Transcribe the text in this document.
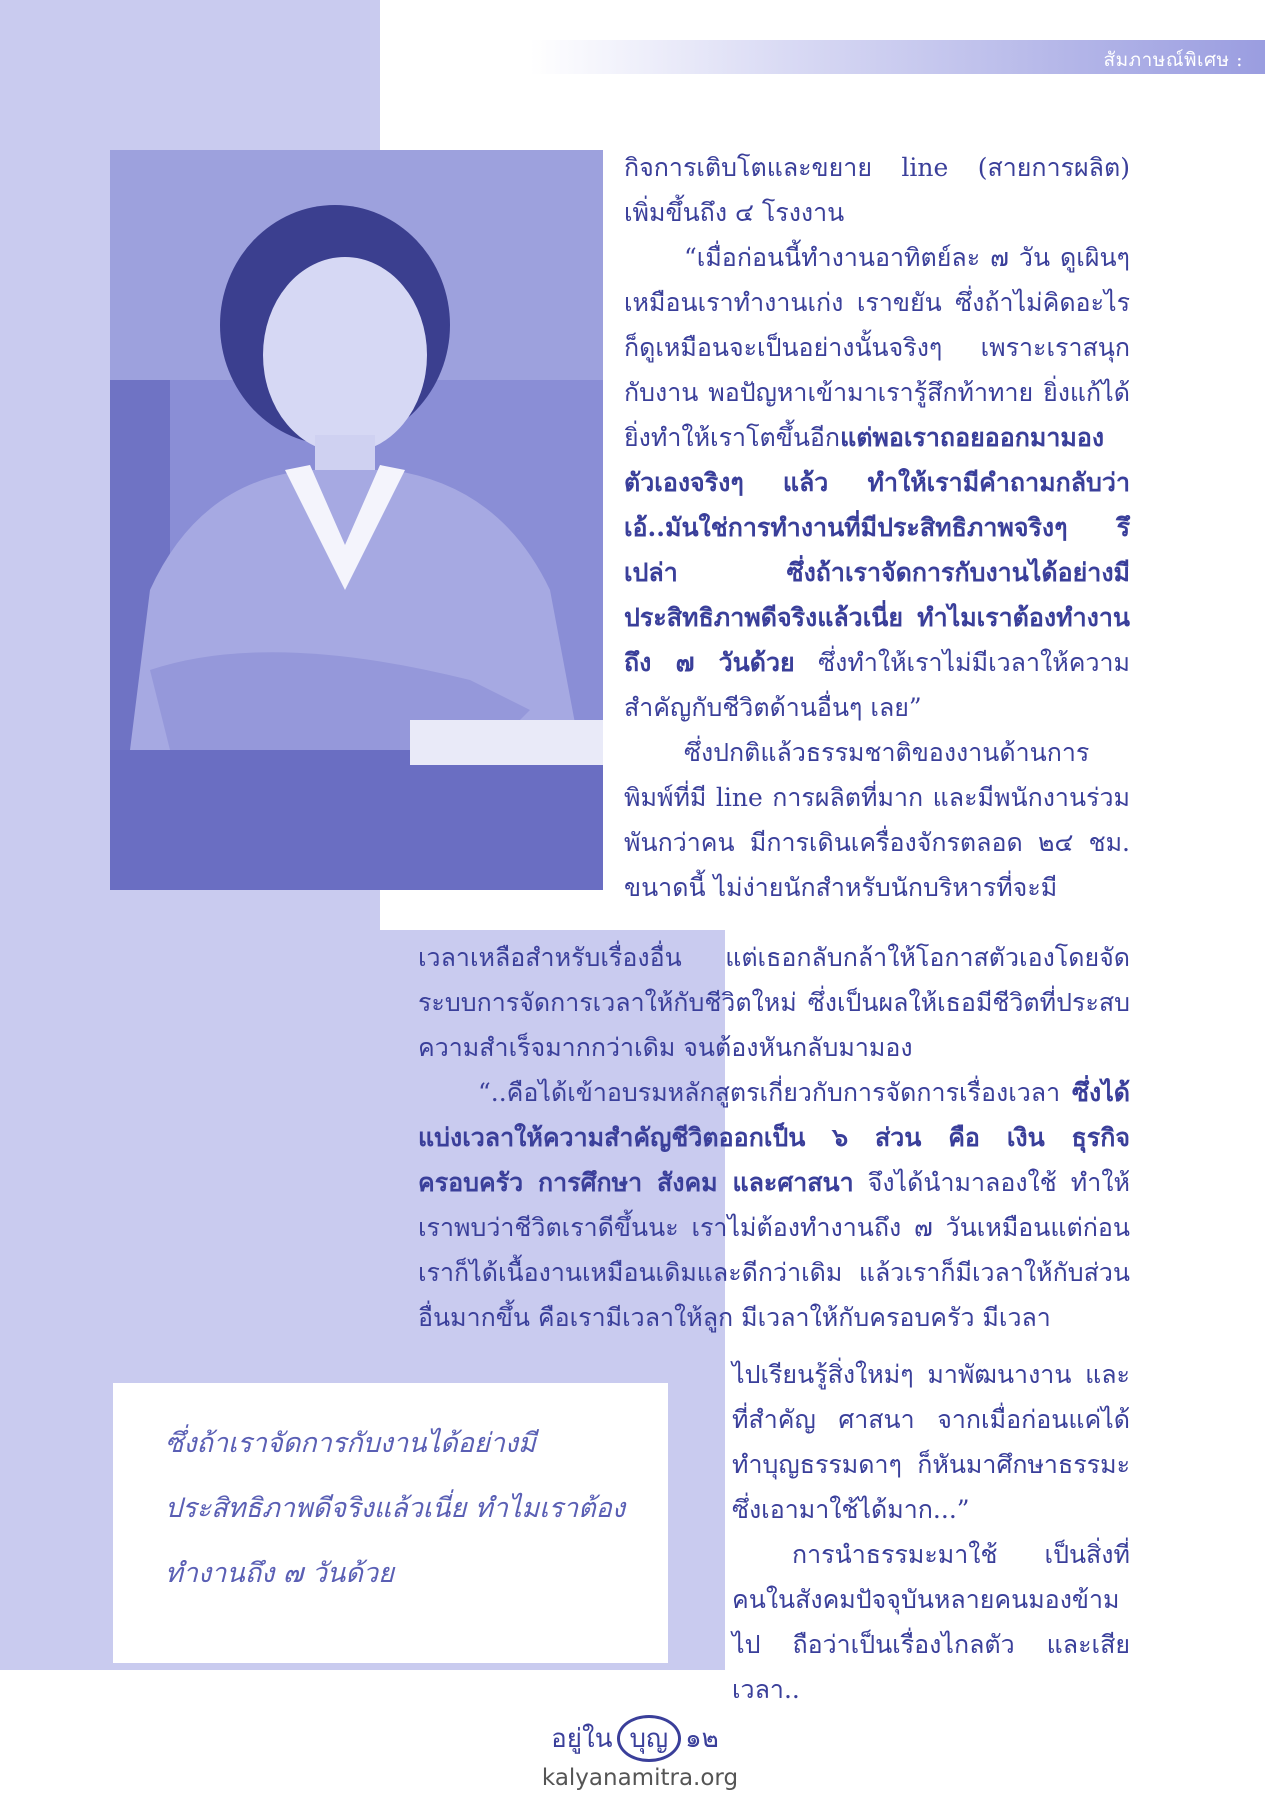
สัมภาษณ์พิเศษ :

กิจการเติบโตและขยาย line (สายการผลิต) เพิ่มขึ้นถึง ๔ โรงงาน

“เมื่อก่อนนี้ทำงานอาทิตย์ละ ๗ วัน ดูเผินๆ เหมือนเราทำงานเก่ง เราขยัน ซึ่งถ้าไม่คิดอะไรก็ดูเหมือนจะเป็นอย่างนั้นจริงๆ เพราะเราสนุกกับงาน พอปัญหาเข้ามาเรารู้สึกท้าทาย ยิ่งแก้ได้ยิ่งทำให้เราโตขึ้นอีกแต่พอเราถอยออกมามองตัวเองจริงๆ แล้ว ทำให้เรามีคำถามกลับว่า เอ้..มันใช่การทำงานที่มีประสิทธิภาพจริงๆ รึเปล่า ซึ่งถ้าเราจัดการกับงานได้อย่างมีประสิทธิภาพดีจริงแล้วเนี่ย ทำไมเราต้องทำงานถึง ๗ วันด้วย ซึ่งทำให้เราไม่มีเวลาให้ความสำคัญกับชีวิตด้านอื่นๆ เลย”

ซึ่งปกติแล้วธรรมชาติของงานด้านการพิมพ์ที่มี line การผลิตที่มาก และมีพนักงานร่วมพันกว่าคน มีการเดินเครื่องจักรตลอด ๒๔ ชม. ขนาดนี้ ไม่ง่ายนักสำหรับนักบริหารที่จะมี

เวลาเหลือสำหรับเรื่องอื่น แต่เธอกลับกล้าให้โอกาสตัวเองโดยจัดระบบการจัดการเวลาให้กับชีวิตใหม่ ซึ่งเป็นผลให้เธอมีชีวิตที่ประสบความสำเร็จมากกว่าเดิม จนต้องหันกลับมามอง

“..คือได้เข้าอบรมหลักสูตรเกี่ยวกับการจัดการเรื่องเวลา ซึ่งได้แบ่งเวลาให้ความสำคัญชีวิตออกเป็น ๖ ส่วน คือ เงิน ธุรกิจ ครอบครัว การศึกษา สังคม และศาสนา จึงได้นำมาลองใช้ ทำให้เราพบว่าชีวิตเราดีขึ้นนะ เราไม่ต้องทำงานถึง ๗ วันเหมือนแต่ก่อน เราก็ได้เนื้องานเหมือนเดิมและดีกว่าเดิม แล้วเราก็มีเวลาให้กับส่วนอื่นมากขึ้น คือเรามีเวลาให้ลูก มีเวลาให้กับครอบครัว มีเวลา

ไปเรียนรู้สิ่งใหม่ๆ มาพัฒนางาน และที่สำคัญ ศาสนา จากเมื่อก่อนแค่ได้ทำบุญธรรมดาๆ ก็หันมาศึกษาธรรมะซึ่งเอามาใช้ได้มาก...”

การนำธรรมะมาใช้ เป็นสิ่งที่คนในสังคมปัจจุบันหลายคนมองข้ามไป ถือว่าเป็นเรื่องไกลตัว และเสียเวลา..

ซึ่งถ้าเราจัดการกับงานได้อย่างมีประสิทธิภาพดีจริงแล้วเนี่ย ทำไมเราต้องทำงานถึง ๗ วันด้วย
อยู่ใน บุญ ๑๒
kalyanamitra.org
